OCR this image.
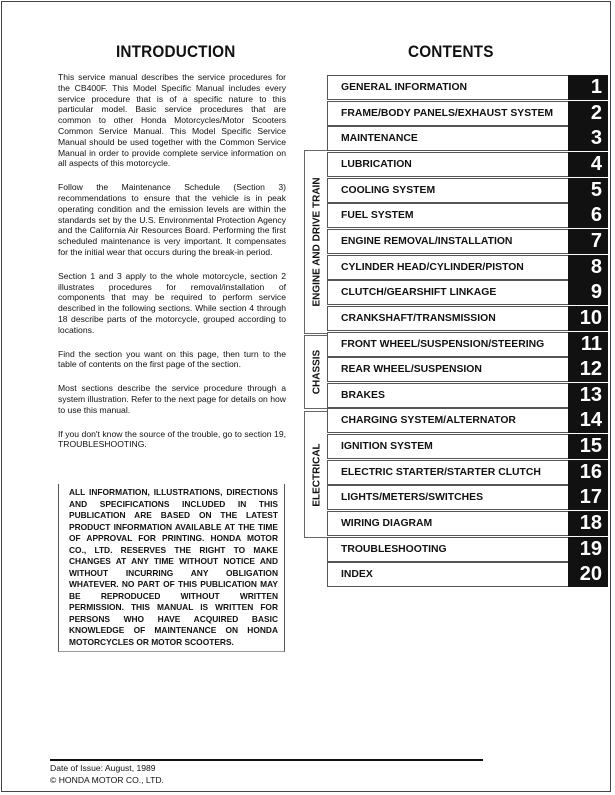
INTRODUCTION	CONTENTS

This service manual describes the service procedures for the CB400F. This Model Specific Manual includes every service procedure that is of a specific nature to this particular model. Basic service procedures that are common to other Honda Motorcycles/Motor Scooters Common Service Manual. This Model Specific Service Manual should be used together with the Common Service Manual in order to provide complete service information on all aspects of this motorcycle.

Follow the Maintenance Schedule (Section 3) recommendations to ensure that the vehicle is in peak operating condition and the emission levels are within the standards set by the U.S. Environmental Protection Agency and the California Air Resources Board. Performing the first scheduled maintenance is very important. It compensates for the initial wear that occurs during the break-in period.

Section 1 and 3 apply to the whole motorcycle, section 2 illustrates procedures for removal/installation of components that may be required to perform service described in the following sections. While section 4 through 18 describe parts of the motorcycle, grouped according to locations.

Find the section you want on this page, then turn to the table of contents on the first page of the section.

Most sections describe the service procedure through a system illustration. Refer to the next page for details on how to use this manual.

If you don't know the source of the trouble, go to section 19, TROUBLESHOOTING.

ALL INFORMATION, ILLUSTRATIONS, DIRECTIONS AND SPECIFICATIONS INCLUDED IN THIS PUBLICATION ARE BASED ON THE LATEST PRODUCT INFORMATION AVAILABLE AT THE TIME OF APPROVAL FOR PRINTING. HONDA MOTOR CO., LTD. RESERVES THE RIGHT TO MAKE CHANGES AT ANY TIME WITHOUT NOTICE AND WITHOUT INCURRING ANY OBLIGATION WHATEVER. NO PART OF THIS PUBLICATION MAY BE REPRODUCED WITHOUT WRITTEN PERMISSION. THIS MANUAL IS WRITTEN FOR PERSONS WHO HAVE ACQUIRED BASIC KNOWLEDGE OF MAINTENANCE ON HONDA MOTORCYCLES OR MOTOR SCOOTERS.
ENGINE AND DRIVE TRAIN
CHASSIS
ELECTRICAL
GENERAL INFORMATION	1
FRAME/BODY PANELS/EXHAUST SYSTEM	2
MAINTENANCE	3
LUBRICATION	4
COOLING SYSTEM	5
FUEL SYSTEM	6
ENGINE REMOVAL/INSTALLATION	7
CYLINDER HEAD/CYLINDER/PISTON	8
CLUTCH/GEARSHIFT LINKAGE	9
CRANKSHAFT/TRANSMISSION	10
FRONT WHEEL/SUSPENSION/STEERING	11
REAR WHEEL/SUSPENSION	12
BRAKES	13
CHARGING SYSTEM/ALTERNATOR	14
IGNITION SYSTEM	15
ELECTRIC STARTER/STARTER CLUTCH	16
LIGHTS/METERS/SWITCHES	17
WIRING DIAGRAM	18
TROUBLESHOOTING	19
INDEX	20
Date of Issue: August, 1989
© HONDA MOTOR CO., LTD.
